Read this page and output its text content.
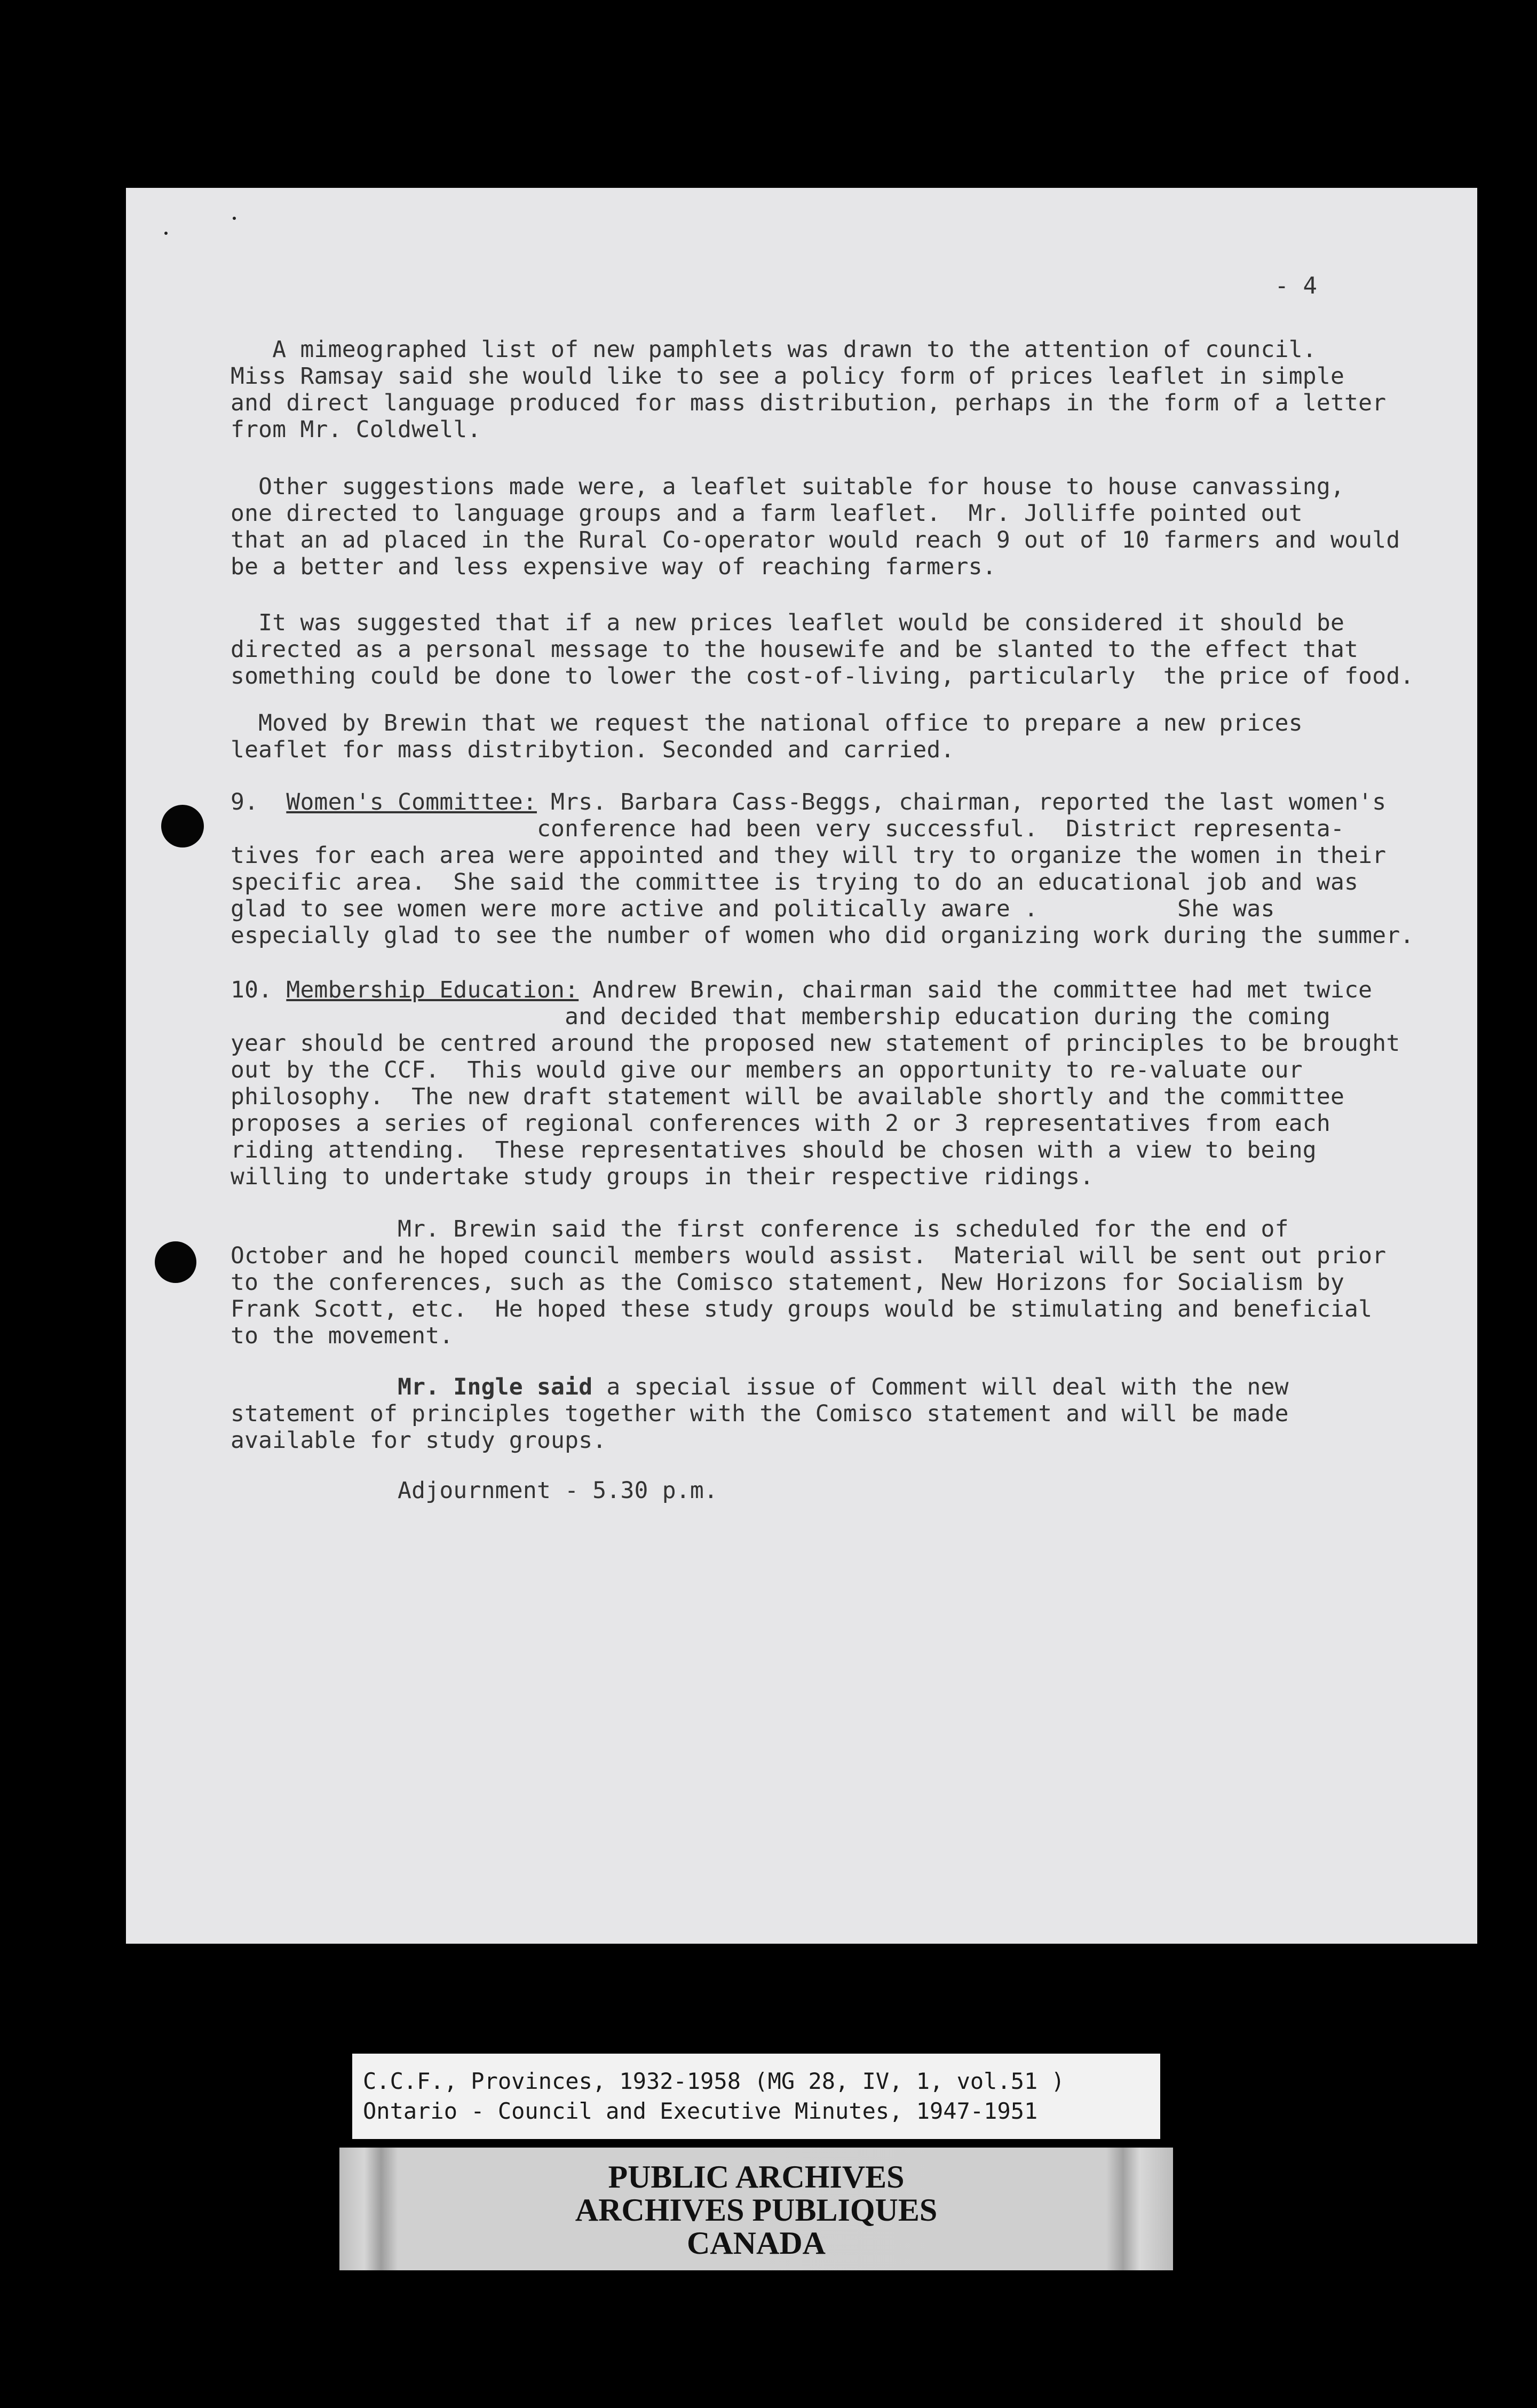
- 4
A mimeographed list of new pamphlets was drawn to the attention of council.
Miss Ramsay said she would like to see a policy form of prices leaflet in simple
and direct language produced for mass distribution, perhaps in the form of a letter
from Mr. Coldwell.
Other suggestions made were, a leaflet suitable for house to house canvassing,
one directed to language groups and a farm leaflet.  Mr. Jolliffe pointed out
that an ad placed in the Rural Co-operator would reach 9 out of 10 farmers and would
be a better and less expensive way of reaching farmers.
It was suggested that if a new prices leaflet would be considered it should be
directed as a personal message to the housewife and be slanted to the effect that
something could be done to lower the cost-of-living, particularly  the price of food.
Moved by Brewin that we request the national office to prepare a new prices
leaflet for mass distribytion. Seconded and carried.
9. Women's Committee: Mrs. Barbara Cass-Beggs, chairman, reported the last women's
conference had been very successful.  District representa-
tives for each area were appointed and they will try to organize the women in their
specific area.  She said the committee is trying to do an educational job and was
glad to see women were more active and politically aware .          She was
especially glad to see the number of women who did organizing work during the summer.
10. Membership Education: Andrew Brewin, chairman said the committee had met twice
and decided that membership education during the coming
year should be centred around the proposed new statement of principles to be brought
out by the CCF.  This would give our members an opportunity to re-valuate our
philosophy.  The new draft statement will be available shortly and the committee
proposes a series of regional conferences with 2 or 3 representatives from each
riding attending.  These representatives should be chosen with a view to being
willing to undertake study groups in their respective ridings.
Mr. Brewin said the first conference is scheduled for the end of
October and he hoped council members would assist.  Material will be sent out prior
to the conferences, such as the Comisco statement, New Horizons for Socialism by
Frank Scott, etc.  He hoped these study groups would be stimulating and beneficial
to the movement.
Mr. Ingle said a special issue of Comment will deal with the new
statement of principles together with the Comisco statement and will be made
available for study groups.
Adjournment - 5.30 p.m.
C.C.F., Provinces, 1932-1958 (MG 28, IV, 1, vol.51 )
Ontario - Council and Executive Minutes, 1947-1951
PUBLIC ARCHIVES
ARCHIVES PUBLIQUES
CANADA
